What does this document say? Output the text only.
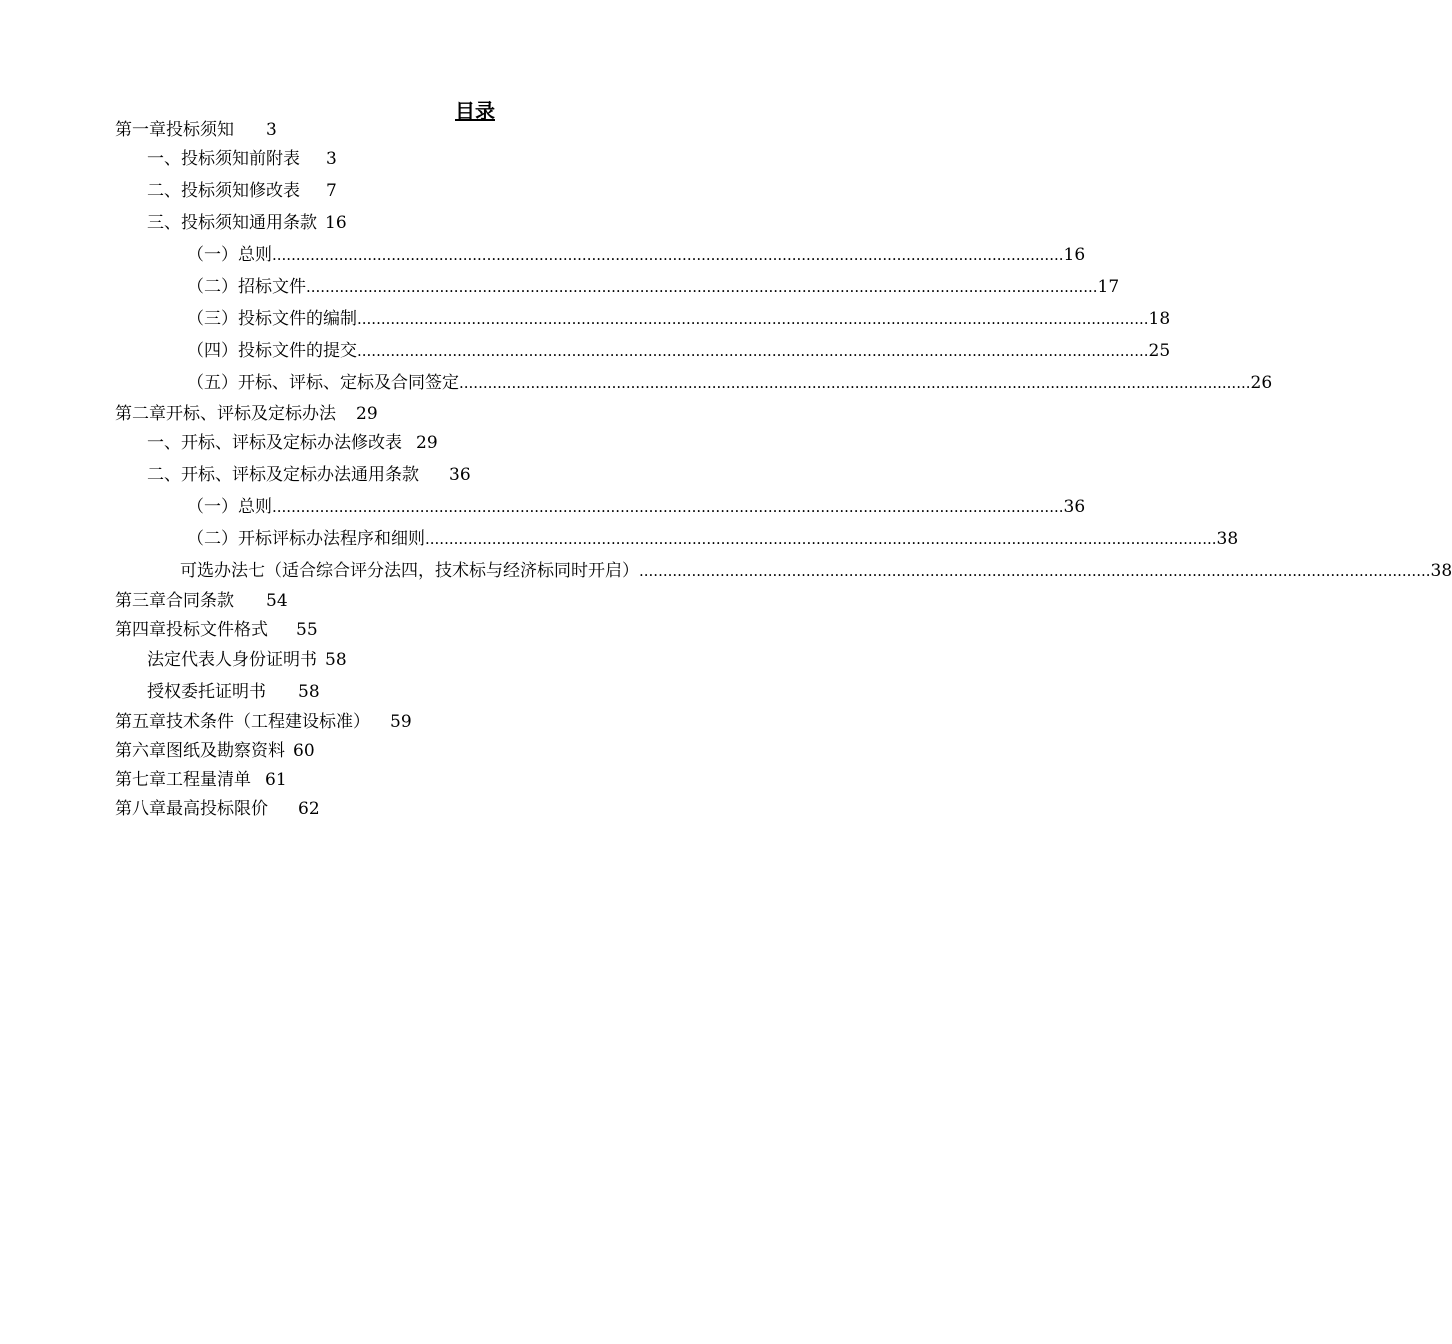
目录
第一章投标须知 3
一、投标须知前附表 3
二、投标须知修改表 7
三、投标须知通用条款 16
（一）总则 ...................................................................................................................................................................... 16
（二）招标文件 ...................................................................................................................................................................... 17
（三）投标文件的编制 ...................................................................................................................................................................... 18
（四）投标文件的提交 ...................................................................................................................................................................... 25
（五）开标、评标、定标及合同签定 ...................................................................................................................................................................... 26
第二章开标、评标及定标办法 29
一、开标、评标及定标办法修改表 29
二、开标、评标及定标办法通用条款 36
（一）总则 ...................................................................................................................................................................... 36
（二）开标评标办法程序和细则 ...................................................................................................................................................................... 38
可选办法七（适合综合评分法四，技术标与经济标同时开启） ...................................................................................................................................................................... 38
第三章合同条款 54
第四章投标文件格式 55
法定代表人身份证明书 58
授权委托证明书 58
第五章技术条件（工程建设标准） 59
第六章图纸及勘察资料 60
第七章工程量清单 61
第八章最高投标限价 62
